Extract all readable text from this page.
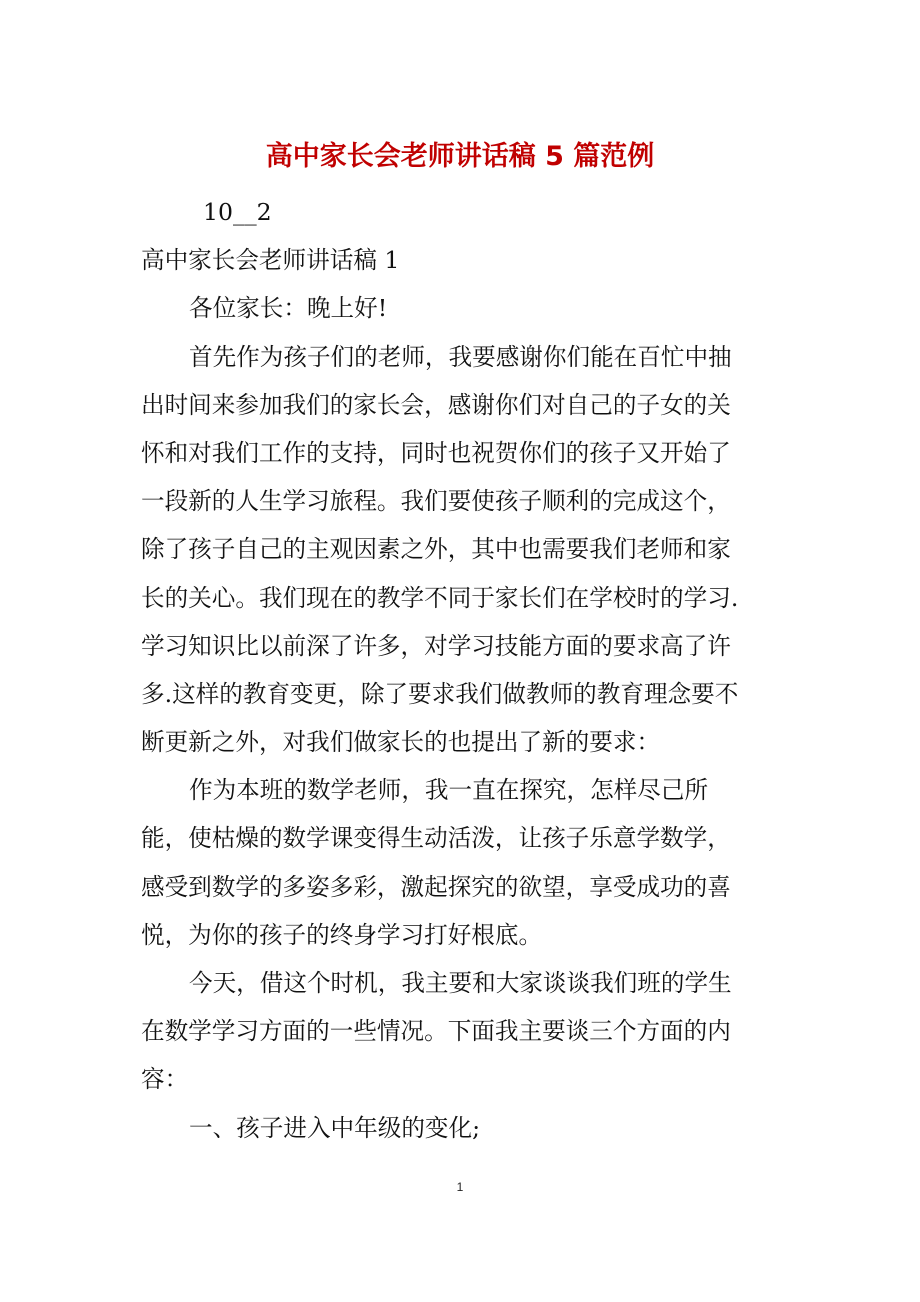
高中家长会老师讲话稿 5 篇范例
10__2
高中家长会老师讲话稿 1
各位家长：晚上好!
首先作为孩子们的老师，我要感谢你们能在百忙中抽
出时间来参加我们的家长会，感谢你们对自己的子女的关
怀和对我们工作的支持，同时也祝贺你们的孩子又开始了
一段新的人生学习旅程。我们要使孩子顺利的完成这个，
除了孩子自己的主观因素之外，其中也需要我们老师和家
长的关心。我们现在的教学不同于家长们在学校时的学习.
学习知识比以前深了许多，对学习技能方面的要求高了许
多.这样的教育变更，除了要求我们做教师的教育理念要不
断更新之外，对我们做家长的也提出了新的要求：
作为本班的数学老师，我一直在探究，怎样尽己所
能，使枯燥的数学课变得生动活泼，让孩子乐意学数学，
感受到数学的多姿多彩，激起探究的欲望，享受成功的喜
悦，为你的孩子的终身学习打好根底。
今天，借这个时机，我主要和大家谈谈我们班的学生
在数学学习方面的一些情况。下面我主要谈三个方面的内
容：
一、孩子进入中年级的变化;
1
